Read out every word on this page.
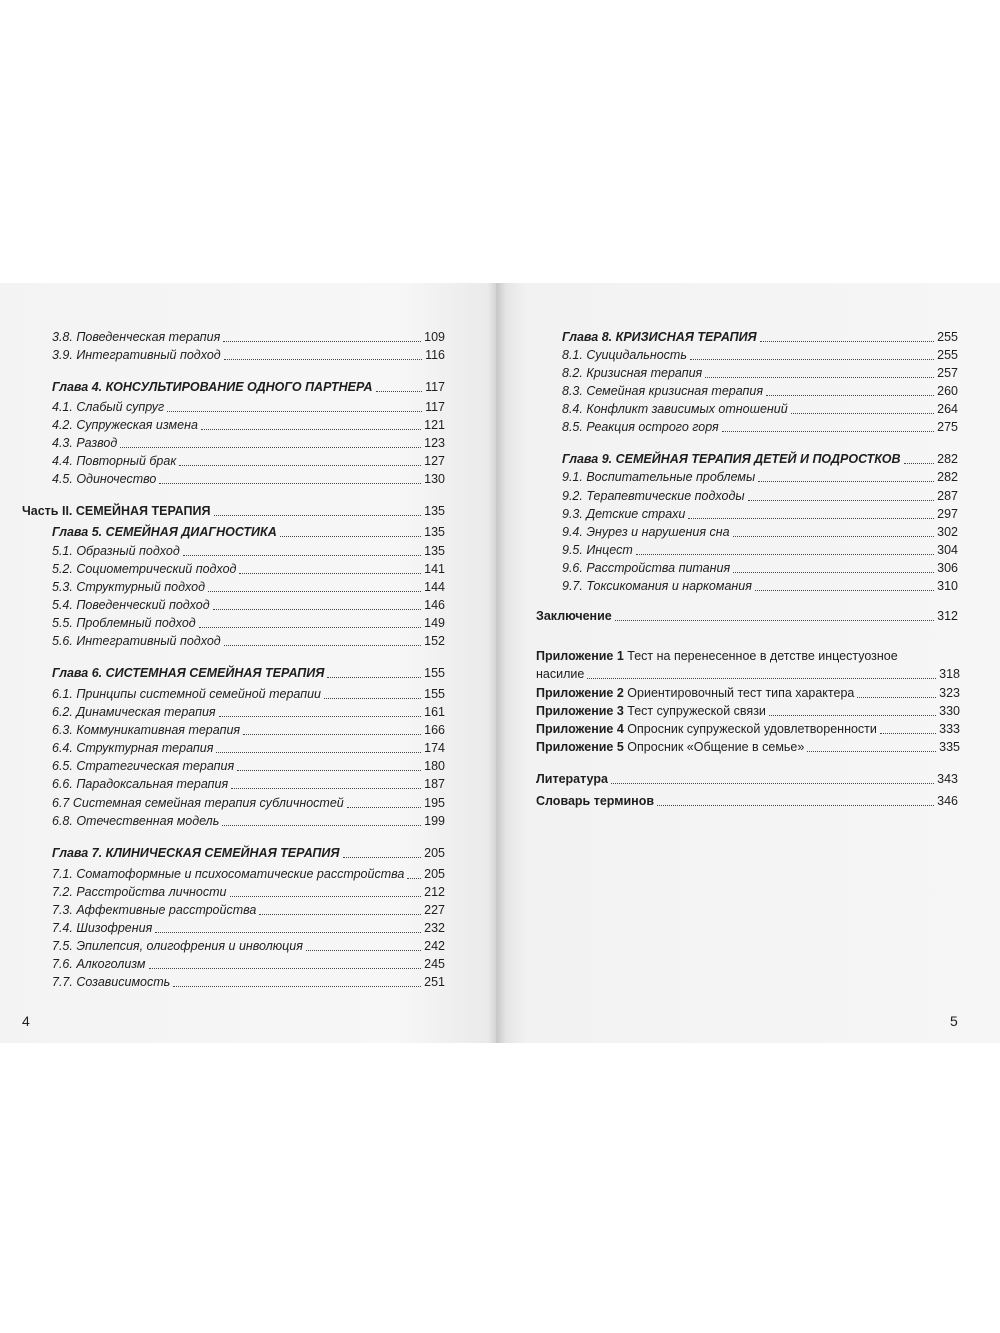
3.8. Поведенческая терапия	109
3.9. Интегративный подход	116
Глава 4. КОНСУЛЬТИРОВАНИЕ ОДНОГО ПАРТНЕРА	117
4.1. Слабый супруг	117
4.2. Супружеская измена	121
4.3. Развод	123
4.4. Повторный брак	127
4.5. Одиночество	130
Часть II. СЕМЕЙНАЯ ТЕРАПИЯ	135
Глава 5. СЕМЕЙНАЯ ДИАГНОСТИКА	135
5.1. Образный подход	135
5.2. Социометрический подход	141
5.3. Структурный подход	144
5.4. Поведенческий подход	146
5.5. Проблемный подход	149
5.6. Интегративный подход	152
Глава 6. СИСТЕМНАЯ СЕМЕЙНАЯ ТЕРАПИЯ	155
6.1. Принципы системной семейной терапии	155
6.2. Динамическая терапия	161
6.3. Коммуникативная терапия	166
6.4. Структурная терапия	174
6.5. Стратегическая терапия	180
6.6. Парадоксальная терапия	187
6.7 Системная семейная терапия субличностей	195
6.8. Отечественная модель	199
Глава 7. КЛИНИЧЕСКАЯ СЕМЕЙНАЯ ТЕРАПИЯ	205
7.1. Соматоформные и психосоматические расстройства 205
7.2. Расстройства личности	212
7.3. Аффективные расстройства	227
7.4. Шизофрения	232
7.5. Эпилепсия, олигофрения и инволюция	242
7.6. Алкоголизм	245
7.7. Созависимость	251
Глава 8. КРИЗИСНАЯ ТЕРАПИЯ	255
8.1. Суицидальность	255
8.2. Кризисная терапия	257
8.3. Семейная кризисная терапия	260
8.4. Конфликт зависимых отношений	264
8.5. Реакция острого горя	275
Глава 9. СЕМЕЙНАЯ ТЕРАПИЯ ДЕТЕЙ И ПОДРОСТКОВ	282
9.1. Воспитательные проблемы	282
9.2. Терапевтические подходы	287
9.3. Детские страхи	297
9.4. Энурез и нарушения сна	302
9.5. Инцест	304
9.6. Расстройства питания	306
9.7. Токсикомания и наркомания	310
Заключение	312
Литература	343
Словарь терминов	346
Приложение 1
Тест на перенесенное в детстве инцестуозное
насилие	318
Приложение 2
Ориентировочный тест типа характера	323
Приложение 3
Тест супружеской связи	330
Приложение 4
Опросник супружеской удовлетворенности	333
Приложение 5
Опросник «Общение в семье»	335
4	5
